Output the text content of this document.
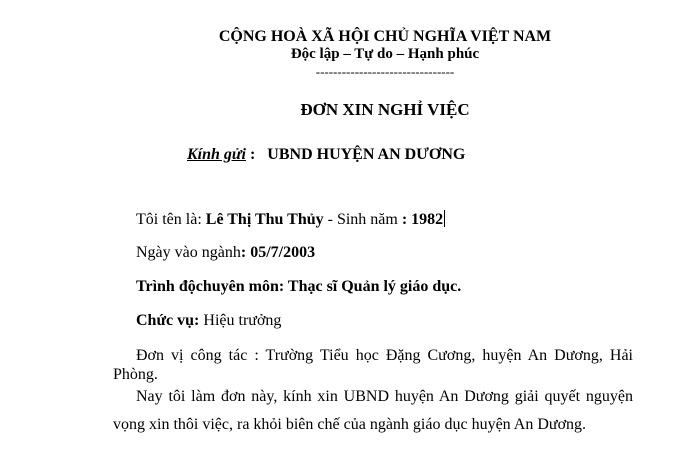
CỘNG HOÀ XÃ HỘI CHỦ NGHĨA VIỆT NAM
Độc lập – Tự do – Hạnh phúc
--------------------------------
ĐƠN XIN NGHỈ VIỆC
Kính gửi : UBND HUYỆN AN DƯƠNG
Tôi tên là: Lê Thị Thu Thủy - Sinh năm : 1982
Ngày vào ngành: 05/7/2003
Trình độchuyên môn: Thạc sĩ Quản lý giáo dục.
Chức vụ: Hiệu trưởng
Đơn vị công tác : Trường Tiểu học Đặng Cương, huyện An Dương, Hải Phòng.
Nay tôi làm đơn này, kính xin UBND huyện An Dương giải quyết nguyện vọng xin thôi việc, ra khỏi biên chế của ngành giáo dục huyện An Dương.
